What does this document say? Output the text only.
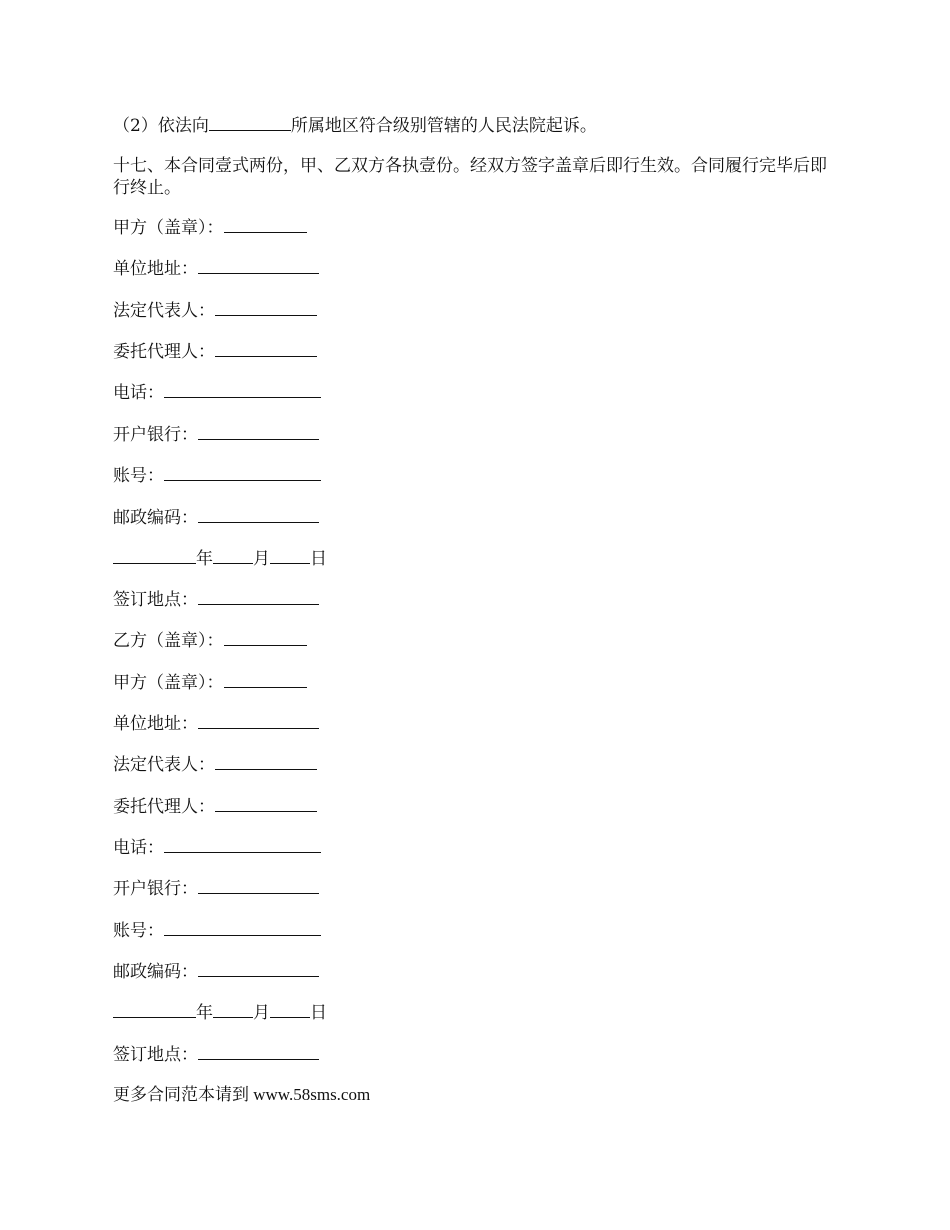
（2）依法向	所属地区符合级别管辖的人民法院起诉。
十七、本合同壹式两份，甲、乙双方各执壹份。经双方签字盖章后即行生效。合同履行完毕后即行终止。
甲方（盖章）：
单位地址：
法定代表人：
委托代理人：
电话：
开户银行：
账号：
邮政编码：
年 月 日
签订地点：
乙方（盖章）：
甲方（盖章）：
单位地址：
法定代表人：
委托代理人：
电话：
开户银行：
账号：
邮政编码：
年 月 日
签订地点：
更多合同范本请到 www.58sms.com
